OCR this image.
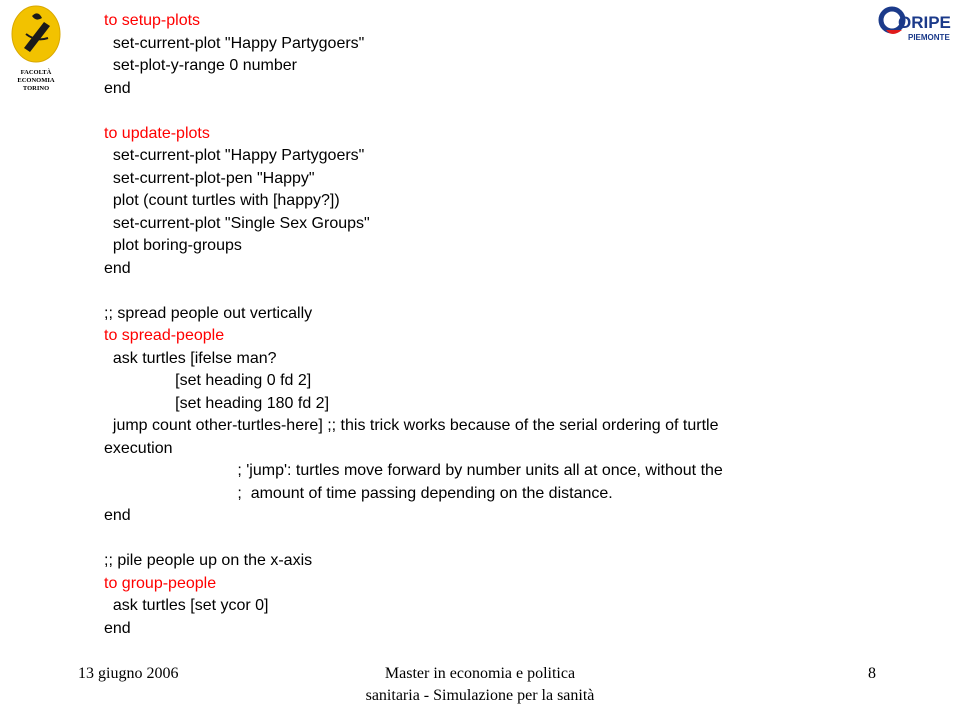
FACOLTÀ
ECONOMIA
TORINO
ORIPE
PIEMONTE
to setup-plots
set-current-plot "Happy Partygoers"
set-plot-y-range 0 number
end
to update-plots
set-current-plot "Happy Partygoers"
set-current-plot-pen "Happy"
plot (count turtles with [happy?])
set-current-plot "Single Sex Groups"
plot boring-groups
end
;; spread people out vertically
to spread-people
ask turtles [ifelse man?
[set heading 0 fd 2]
[set heading 180 fd 2]
jump count other-turtles-here] ;; this trick works because of the serial ordering of turtle
execution
; 'jump': turtles move forward by number units all at once, without the
;  amount of time passing depending on the distance.
end
;; pile people up on the x-axis
to group-people
ask turtles [set ycor 0]
end
13 giugno 2006	Master in economia e politica
sanitaria - Simulazione per la sanità
8
